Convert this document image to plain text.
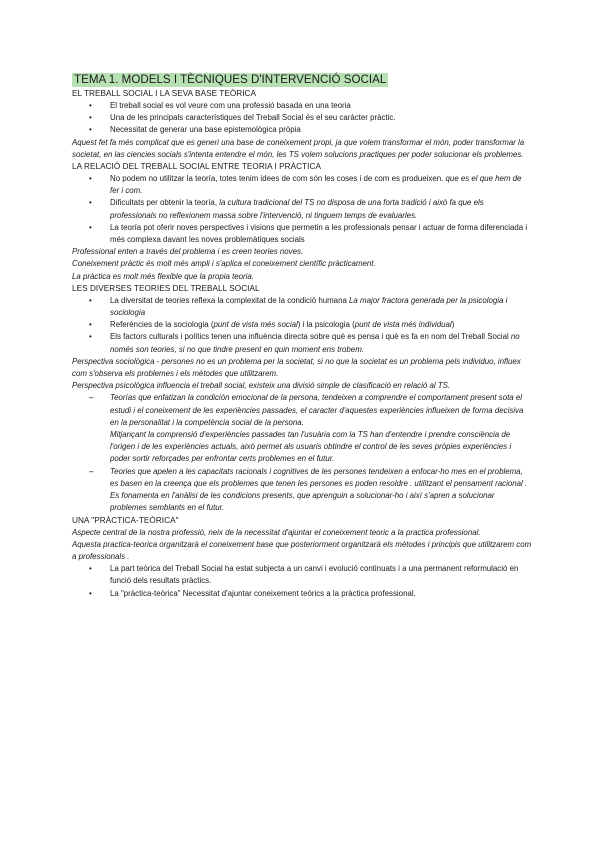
TEMA 1. MODELS I TÈCNIQUES D'INTERVENCIÓ SOCIAL

EL TREBALL SOCIAL I LA SEVA BASE TEÒRICA

• El treball social es vol veure com una professió basada en una teoria
• Una de les principals característiques del Treball Social és el seu caràcter pràctic.
• Necessitat de generar una base epistemològica pròpia

Aquest fet fa més complicat que es generi una base de coneixement propi, ja que volem transformar el món, poder transformar la societat, en las ciencies socials s'intenta entendre el món, les TS volem solucions practiques per poder solucionar els problemes.

LA RELACIÓ DEL TREBALL SOCIAL ENTRE TEORIA I PRÀCTICA

• No podem no utilitzar la teoría, totes tenim idees de com són les coses i de com es produeixen. que es el que hem de fer i com.
• Dificultats per obtenir la teoría, la cultura tradicional del TS no disposa de una forta tradició i això fa que els professionals no reflexionem massa sobre l'intervenció, ni tinguem temps de evaluarles.
• La teoría pot oferir noves perspectives i visions que permetin a les professionals pensar i actuar de forma diferenciada i més complexa davant les noves problemàtiques socials

Professional enten a través del problema i es creen teories noves.

Coneixement pràctic és molt més ampli i s'aplica el coneixement científic pràcticament.

La pràctica es molt més flexible que la propia teoria.

LES DIVERSES TEORIES DEL TREBALL SOCIAL

• La diversitat de teories reflexa la complexitat de la condició humana La major fractora generada per la psicologia i sociologia
• Referències de la sociologia (punt de vista més social) i la psicologia (punt de vista més individual)
• Els factors culturals i polítics tenen una influència directa sobre què es pensa i què es fa en nom del Treball Social no només son teories, si no que tindre present en quin moment ens trobem.

Perspectiva sociològica - persones no es un problema per la societat, si no que la societat es un problema pels individuo, influex com s'observa els problemes i els mètodes que utilitzarem.

Perspectiva psicològica influencia el treball social, existeix una divisió simple de clasificació en relació al TS.

– Teorías que enfatizan la condición emocional de la persona, tendeixen a comprendre el comportament present sota el estudi i el coneixement de les experiències passades, el caracter d'aquestes experiències influeixen de forma decisiva en la personalitat i la competència social de la persona.
Mitjançant la comprensió d'experiències passades tan l'usuària com la TS han d'entendre i prendre consciència de l'origen i de les experiències actuals, això permet als usuaris obtindre el control de les seves pròpies experiències i poder sortir reforçades per enfrontar certs problemes en el futur.
– Teories que apelen a les capacitats racionals i cognitives de les persones tendeixen a enfocar-ho mes en el problema, es basen en la creença que els problemes que tenen les persones es poden resoldre . utilitzant el pensament racional . Es fonamenta en l'anàlisi de les condicions presents, que aprenguin a solucionar-ho i així s'apren a solucionar problemes semblants en el futur.

UNA "PRÀCTICA-TEÒRICA"

Aspecte central de la nostra professió, neix de la necessitat d'ajuntar el coneixement teoric a la practica professional.

Aquesta practica-teorica organitzarà el coneixement base que posteriorment organitzarà els mètodes i principis que utilitzarem com a professionals .

• La part teòrica del Treball Social ha estat subjecta a un canvi i evolució continuats i a una permanent reformulació en funció dels resultats pràctics.
• La "pràctica-teòrica" Necessitat d'ajuntar coneixement teòrics a la pràctica professional.
